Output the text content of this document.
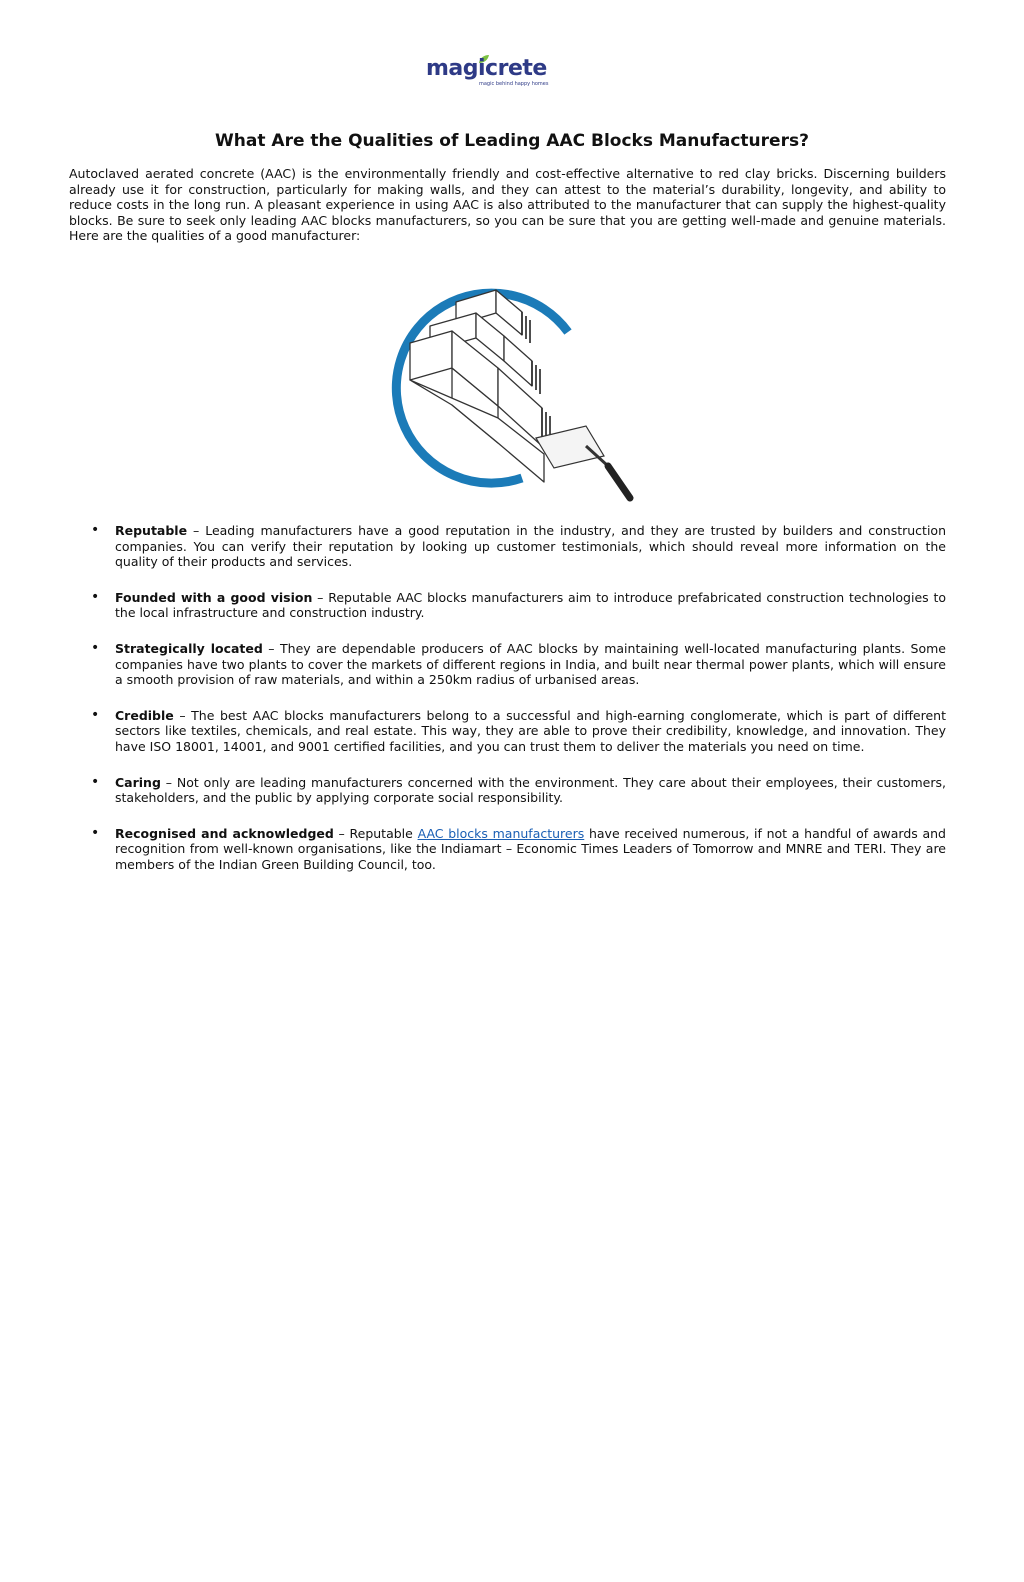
magicrete
magic behind happy homes
What Are the Qualities of Leading AAC Blocks Manufacturers?

Autoclaved aerated concrete (AAC) is the environmentally friendly and cost-effective alternative to red clay bricks. Discerning builders already use it for construction, particularly for making walls, and they can attest to the material’s durability, longevity, and ability to reduce costs in the long run. A pleasant experience in using AAC is also attributed to the manufacturer that can supply the highest-quality blocks. Be sure to seek only leading AAC blocks manufacturers, so you can be sure that you are getting well-made and genuine materials. Here are the qualities of a good manufacturer:

• Reputable – Leading manufacturers have a good reputation in the industry, and they are trusted by builders and construction companies. You can verify their reputation by looking up customer testimonials, which should reveal more information on the quality of their products and services.
• Founded with a good vision – Reputable AAC blocks manufacturers aim to introduce prefabricated construction technologies to the local infrastructure and construction industry.
• Strategically located – They are dependable producers of AAC blocks by maintaining well-located manufacturing plants. Some companies have two plants to cover the markets of different regions in India, and built near thermal power plants, which will ensure a smooth provision of raw materials, and within a 250km radius of urbanised areas.
• Credible – The best AAC blocks manufacturers belong to a successful and high-earning conglomerate, which is part of different sectors like textiles, chemicals, and real estate. This way, they are able to prove their credibility, knowledge, and innovation. They have ISO 18001, 14001, and 9001 certified facilities, and you can trust them to deliver the materials you need on time.
• Caring – Not only are leading manufacturers concerned with the environment. They care about their employees, their customers, stakeholders, and the public by applying corporate social responsibility.
• Recognised and acknowledged – Reputable AAC blocks manufacturers have received numerous, if not a handful of awards and recognition from well-known organisations, like the Indiamart – Economic Times Leaders of Tomorrow and MNRE and TERI. They are members of the Indian Green Building Council, too.
